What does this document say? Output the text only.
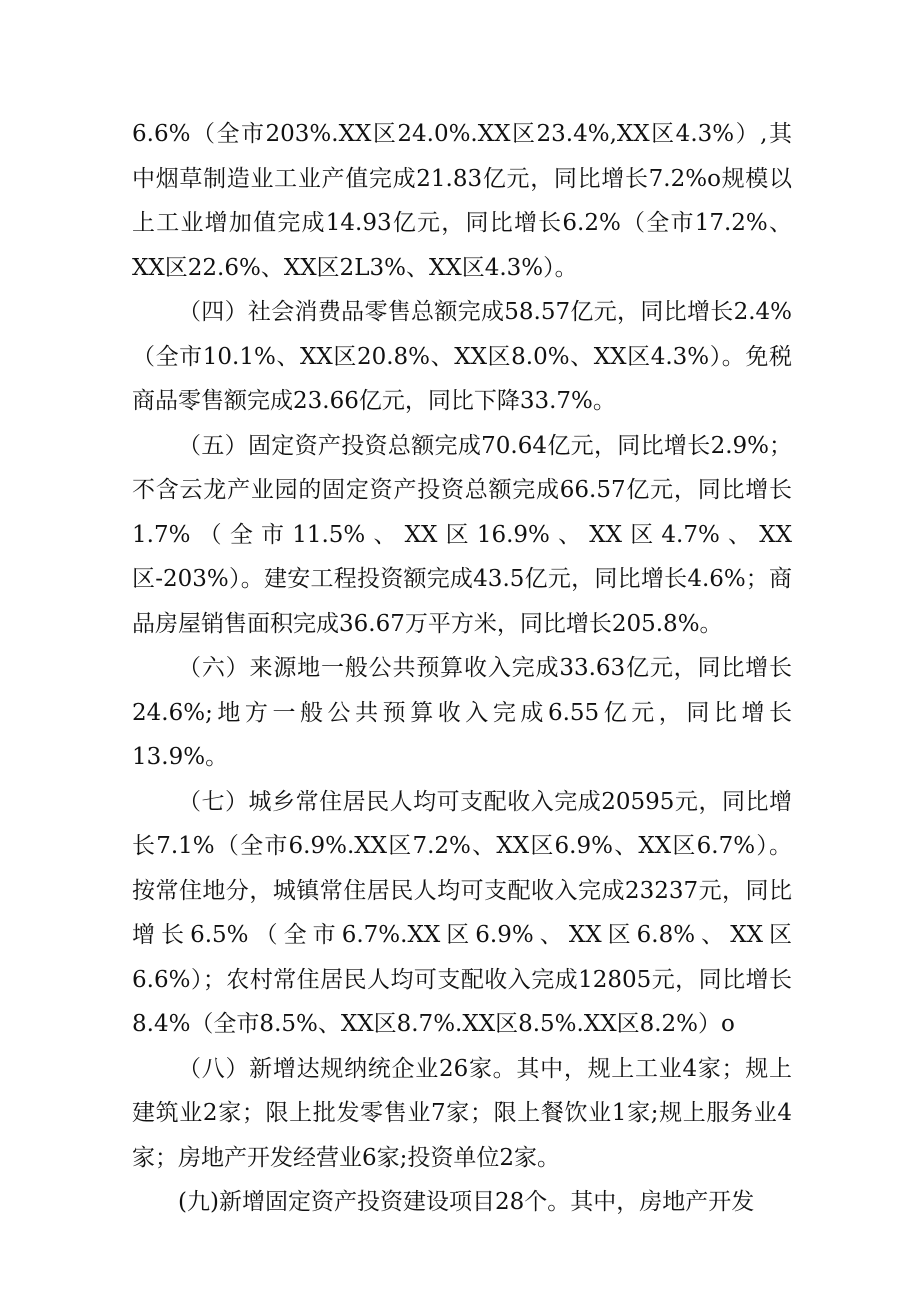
6.6%（全市203%.XX区24.0%.XX区23.4%,XX区4.3%）,其中烟草制造业工业产值完成21.83亿元，同比增长7.2%o规模以上工业增加值完成14.93亿元，同比增长6.2%（全市17.2%、XX区22.6%、XX区2L3%、XX区4.3%）。

（四）社会消费品零售总额完成58.57亿元，同比增长2.4%（全市10.1%、XX区20.8%、XX区8.0%、XX区4.3%）。免税商品零售额完成23.66亿元，同比下降33.7%。

（五）固定资产投资总额完成70.64亿元，同比增长2.9%；不含云龙产业园的固定资产投资总额完成66.57亿元，同比增长1.7%（全市11.5%、XX区16.9%、XX区4.7%、XX区-203%）。建安工程投资额完成43.5亿元，同比增长4.6%；商品房屋销售面积完成36.67万平方米，同比增长205.8%。

（六）来源地一般公共预算收入完成33.63亿元，同比增长24.6%;地方一般公共预算收入完成6.55亿元，同比增长13.9%。

（七）城乡常住居民人均可支配收入完成20595元，同比增长7.1%（全市6.9%.XX区7.2%、XX区6.9%、XX区6.7%）。按常住地分，城镇常住居民人均可支配收入完成23237元，同比增长6.5%（全市6.7%.XX区6.9%、XX区6.8%、XX区6.6%）；农村常住居民人均可支配收入完成12805元，同比增长8.4%（全市8.5%、XX区8.7%.XX区8.5%.XX区8.2%）o

（八）新增达规纳统企业26家。其中，规上工业4家；规上建筑业2家；限上批发零售业7家；限上餐饮业1家;规上服务业4家；房地产开发经营业6家;投资单位2家。

(九)新增固定资产投资建设项目28个。其中，房地产开发
